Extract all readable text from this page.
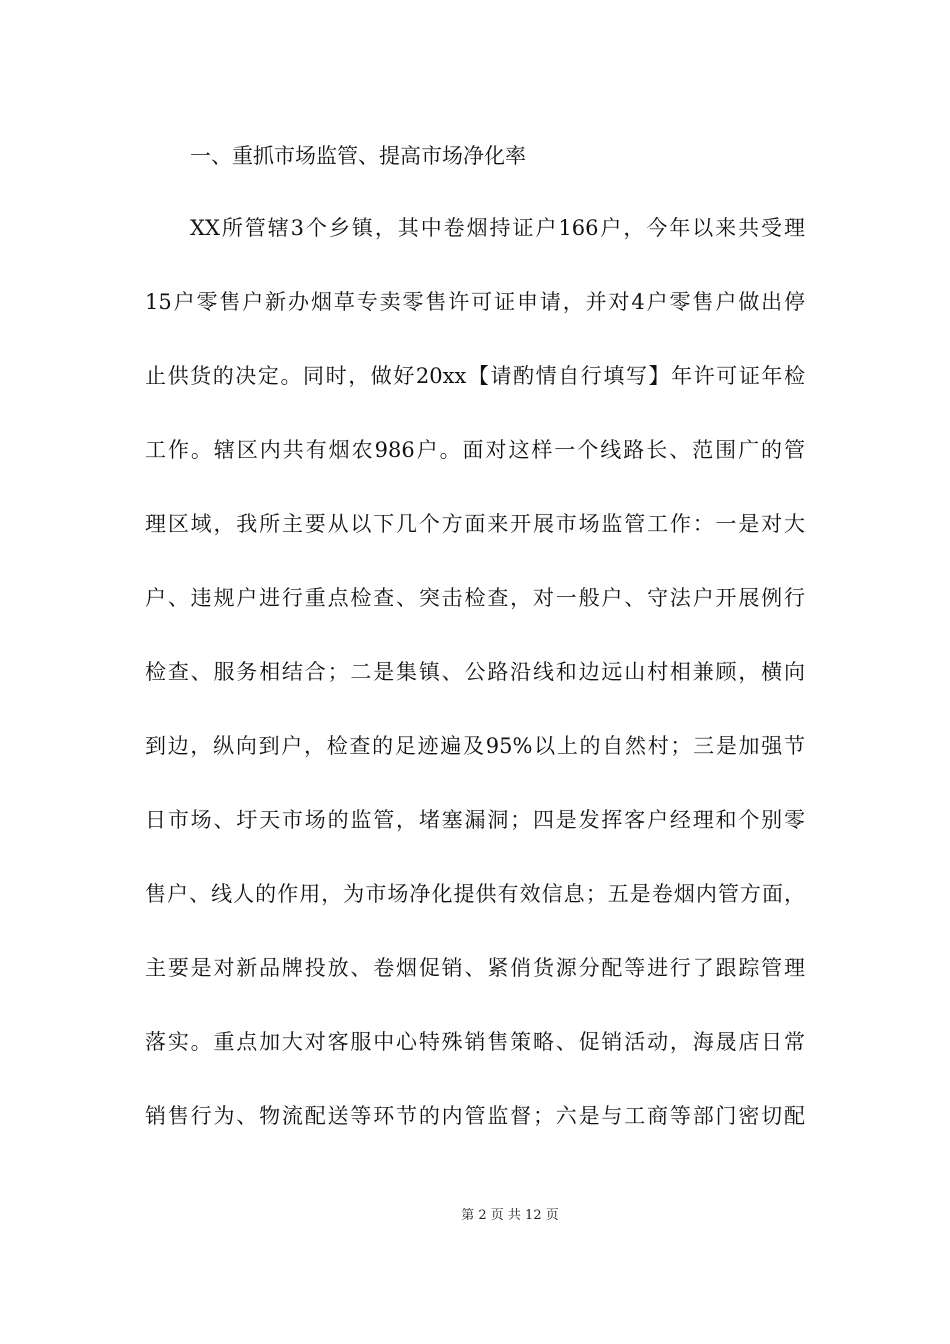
一、重抓市场监管、提高市场净化率
XX所管辖3个乡镇，其中卷烟持证户166户，今年以来共受理
15户零售户新办烟草专卖零售许可证申请，并对4户零售户做出停
止供货的决定。同时，做好20xx【请酌情自行填写】年许可证年检
工作。辖区内共有烟农986户。面对这样一个线路长、范围广的管
理区域，我所主要从以下几个方面来开展市场监管工作：一是对大
户、违规户进行重点检查、突击检查，对一般户、守法户开展例行
检查、服务相结合；二是集镇、公路沿线和边远山村相兼顾，横向
到边，纵向到户，检查的足迹遍及95%以上的自然村；三是加强节
日市场、圩天市场的监管，堵塞漏洞；四是发挥客户经理和个别零
售户、线人的作用，为市场净化提供有效信息；五是卷烟内管方面，
主要是对新品牌投放、卷烟促销、紧俏货源分配等进行了跟踪管理
落实。重点加大对客服中心特殊销售策略、促销活动，海晟店日常
销售行为、物流配送等环节的内管监督；六是与工商等部门密切配
第 2 页 共 12 页
